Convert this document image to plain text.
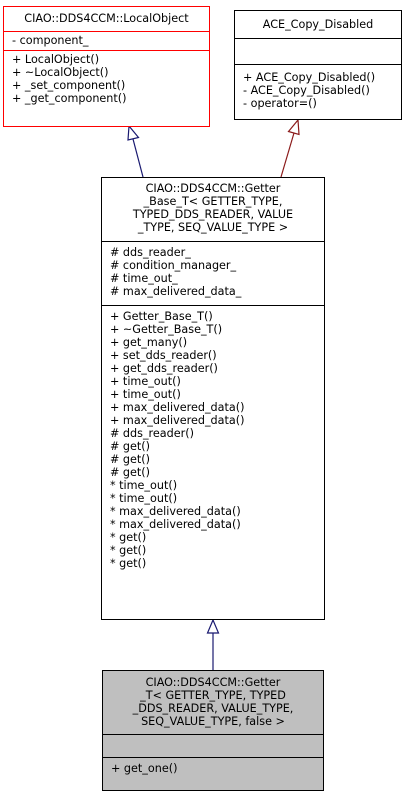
CIAO::DDS4CCM::LocalObject
- component_
+ LocalObject()
+ ~LocalObject()
+ _set_component()
+ _get_component()
ACE_Copy_Disabled
+ ACE_Copy_Disabled()
- ACE_Copy_Disabled()
- operator=()
CIAO::DDS4CCM::Getter
_Base_T< GETTER_TYPE,
TYPED_DDS_READER, VALUE
_TYPE, SEQ_VALUE_TYPE >
# dds_reader_
# condition_manager_
# time_out_
# max_delivered_data_
+ Getter_Base_T()
+ ~Getter_Base_T()
+ get_many()
+ set_dds_reader()
+ get_dds_reader()
+ time_out()
+ time_out()
+ max_delivered_data()
+ max_delivered_data()
# dds_reader()
# get()
# get()
# get()
* time_out()
* time_out()
* max_delivered_data()
* max_delivered_data()
* get()
* get()
* get()
CIAO::DDS4CCM::Getter
_T< GETTER_TYPE, TYPED
_DDS_READER, VALUE_TYPE,
SEQ_VALUE_TYPE, false >
+ get_one()
